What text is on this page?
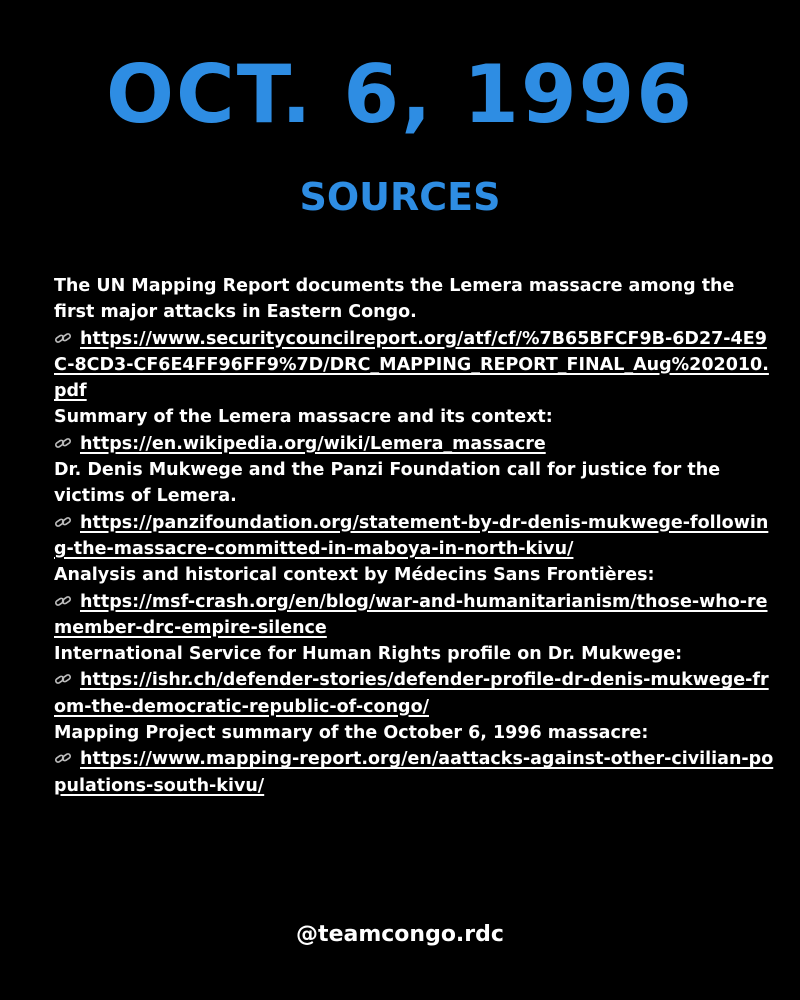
OCT. 6, 1996
SOURCES
The UN Mapping Report documents the Lemera massacre among the first major attacks in Eastern Congo.
https://www.securitycouncilreport.org/atf/cf/%7B65BFCF9B-6D27-4E9C-8CD3-CF6E4FF96FF9%7D/DRC_MAPPING_REPORT_FINAL_Aug%202010.pdf
Summary of the Lemera massacre and its context:
https://en.wikipedia.org/wiki/Lemera_massacre
Dr. Denis Mukwege and the Panzi Foundation call for justice for the victims of Lemera.
https://panzifoundation.org/statement-by-dr-denis-mukwege-following-the-massacre-committed-in-maboya-in-north-kivu/
Analysis and historical context by Médecins Sans Frontières:
https://msf-crash.org/en/blog/war-and-humanitarianism/those-who-remember-drc-empire-silence
International Service for Human Rights profile on Dr. Mukwege:
https://ishr.ch/defender-stories/defender-profile-dr-denis-mukwege-from-the-democratic-republic-of-congo/
Mapping Project summary of the October 6, 1996 massacre:
https://www.mapping-report.org/en/aattacks-against-other-civilian-populations-south-kivu/
@teamcongo.rdc
